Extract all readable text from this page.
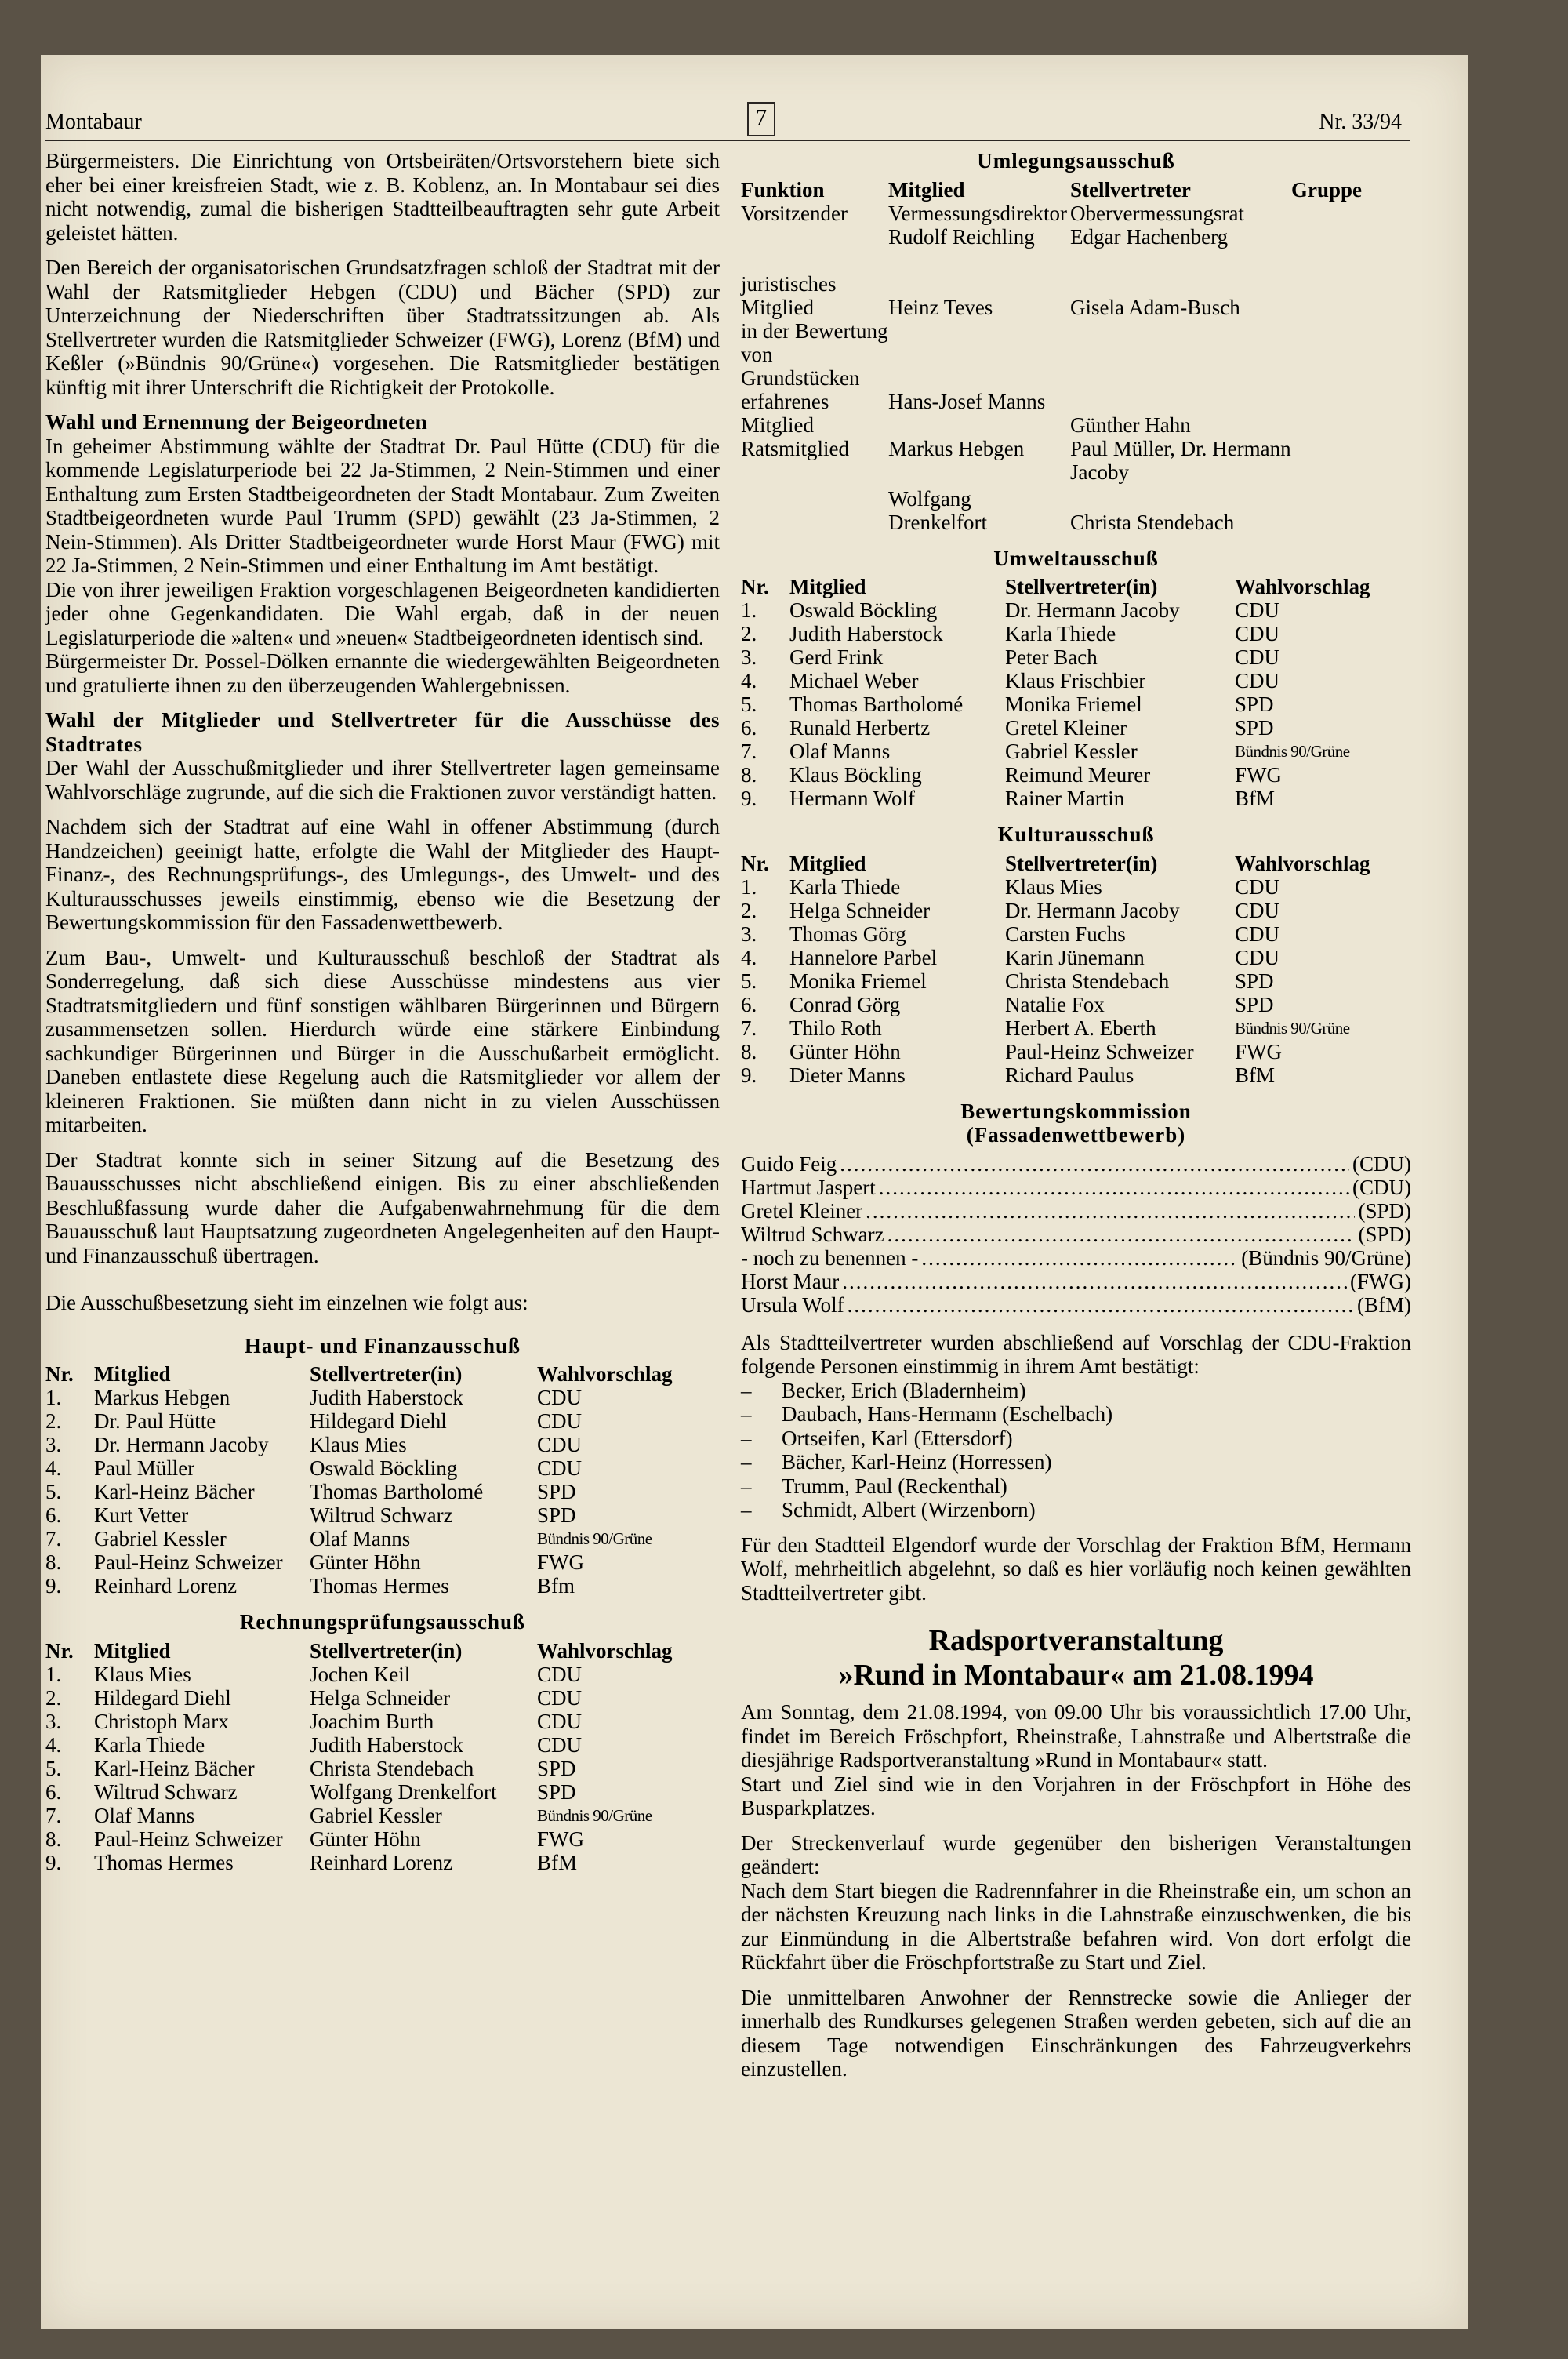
Montabaur	7	Nr. 33/94

Bürgermeisters. Die Einrichtung von Ortsbeiräten/Ortsvorstehern biete sich eher bei einer kreisfreien Stadt, wie z. B. Koblenz, an. In Montabaur sei dies nicht notwendig, zumal die bisherigen Stadtteilbeauftragten sehr gute Arbeit geleistet hätten.

Den Bereich der organisatorischen Grundsatzfragen schloß der Stadtrat mit der Wahl der Ratsmitglieder Hebgen (CDU) und Bächer (SPD) zur Unterzeichnung der Niederschriften über Stadtratssitzungen ab. Als Stellvertreter wurden die Ratsmitglieder Schweizer (FWG), Lorenz (BfM) und Keßler (»Bündnis 90/Grüne«) vorgesehen. Die Ratsmitglieder bestätigen künftig mit ihrer Unterschrift die Richtigkeit der Protokolle.

Wahl und Ernennung der Beigeordneten

In geheimer Abstimmung wählte der Stadtrat Dr. Paul Hütte (CDU) für die kommende Legislaturperiode bei 22 Ja-Stimmen, 2 Nein-Stimmen und einer Enthaltung zum Ersten Stadtbeigeordneten der Stadt Montabaur. Zum Zweiten Stadtbeigeordneten wurde Paul Trumm (SPD) gewählt (23 Ja-Stimmen, 2 Nein-Stimmen). Als Dritter Stadtbeigeordneter wurde Horst Maur (FWG) mit 22 Ja-Stimmen, 2 Nein-Stimmen und einer Enthaltung im Amt bestätigt.

Die von ihrer jeweiligen Fraktion vorgeschlagenen Beigeordneten kandidierten jeder ohne Gegenkandidaten. Die Wahl ergab, daß in der neuen Legislaturperiode die »alten« und »neuen« Stadtbeigeordneten identisch sind.

Bürgermeister Dr. Possel-Dölken ernannte die wiedergewählten Beigeordneten und gratulierte ihnen zu den überzeugenden Wahlergebnissen.

Wahl der Mitglieder und Stellvertreter für die Ausschüsse des Stadtrates

Der Wahl der Ausschußmitglieder und ihrer Stellvertreter lagen gemeinsame Wahlvorschläge zugrunde, auf die sich die Fraktionen zuvor verständigt hatten.

Nachdem sich der Stadtrat auf eine Wahl in offener Abstimmung (durch Handzeichen) geeinigt hatte, erfolgte die Wahl der Mitglieder des Haupt- Finanz-, des Rechnungsprüfungs-, des Umlegungs-, des Umwelt- und des Kulturausschusses jeweils einstimmig, ebenso wie die Besetzung der Bewertungskommission für den Fassadenwettbewerb.

Zum Bau-, Umwelt- und Kulturausschuß beschloß der Stadtrat als Sonderregelung, daß sich diese Ausschüsse mindestens aus vier Stadtratsmitgliedern und fünf sonstigen wählbaren Bürgerinnen und Bürgern zusammensetzen sollen. Hierdurch würde eine stärkere Einbindung sachkundiger Bürgerinnen und Bürger in die Ausschußarbeit ermöglicht. Daneben entlastete diese Regelung auch die Ratsmitglieder vor allem der kleineren Fraktionen. Sie müßten dann nicht in zu vielen Ausschüssen mitarbeiten.

Der Stadtrat konnte sich in seiner Sitzung auf die Besetzung des Bauausschusses nicht abschließend einigen. Bis zu einer abschließenden Beschlußfassung wurde daher die Aufgabenwahrnehmung für die dem Bauausschuß laut Hauptsatzung zugeordneten Angelegenheiten auf den Haupt- und Finanzausschuß übertragen.

Die Ausschußbesetzung sieht im einzelnen wie folgt aus:

Haupt- und Finanzausschuß
Nr.	Mitglied	Stellvertreter(in)	Wahlvorschlag
1.	Markus Hebgen	Judith Haberstock	CDU
2.	Dr. Paul Hütte	Hildegard Diehl	CDU
3.	Dr. Hermann Jacoby	Klaus Mies	CDU
4.	Paul Müller	Oswald Böckling	CDU
5.	Karl-Heinz Bächer	Thomas Bartholomé	SPD
6.	Kurt Vetter	Wiltrud Schwarz	SPD
7.	Gabriel Kessler	Olaf Manns	Bündnis 90/Grüne
8.	Paul-Heinz Schweizer	Günter Höhn	FWG
9.	Reinhard Lorenz	Thomas Hermes	Bfm
Rechnungsprüfungsausschuß
Nr.	Mitglied	Stellvertreter(in)	Wahlvorschlag
1.	Klaus Mies	Jochen Keil	CDU
2.	Hildegard Diehl	Helga Schneider	CDU
3.	Christoph Marx	Joachim Burth	CDU
4.	Karla Thiede	Judith Haberstock	CDU
5.	Karl-Heinz Bächer	Christa Stendebach	SPD
6.	Wiltrud Schwarz	Wolfgang Drenkelfort	SPD
7.	Olaf Manns	Gabriel Kessler	Bündnis 90/Grüne
8.	Paul-Heinz Schweizer	Günter Höhn	FWG
9.	Thomas Hermes	Reinhard Lorenz	BfM
Umlegungsausschuß
Funktion	Mitglied	Stellvertreter	Gruppe
Vorsitzender	Vermessungsdirektor Rudolf Reichling	Obervermessungsrat Edgar Hachenberg	
juristisches Mitglied	Heinz Teves	Gisela Adam-Busch	
in der Bewertung von Grundstücken erfahrenes Mitglied	Hans-Josef Manns	Günther Hahn	
Ratsmitglied	Markus Hebgen	Paul Müller, Dr. Hermann Jacoby	
	Wolfgang Drenkelfort	Christa Stendebach	
Umweltausschuß
Nr.	Mitglied	Stellvertreter(in)	Wahlvorschlag
1.	Oswald Böckling	Dr. Hermann Jacoby	CDU
2.	Judith Haberstock	Karla Thiede	CDU
3.	Gerd Frink	Peter Bach	CDU
4.	Michael Weber	Klaus Frischbier	CDU
5.	Thomas Bartholomé	Monika Friemel	SPD
6.	Runald Herbertz	Gretel Kleiner	SPD
7.	Olaf Manns	Gabriel Kessler	Bündnis 90/Grüne
8.	Klaus Böckling	Reimund Meurer	FWG
9.	Hermann Wolf	Rainer Martin	BfM
Kulturausschuß
Nr.	Mitglied	Stellvertreter(in)	Wahlvorschlag
1.	Karla Thiede	Klaus Mies	CDU
2.	Helga Schneider	Dr. Hermann Jacoby	CDU
3.	Thomas Görg	Carsten Fuchs	CDU
4.	Hannelore Parbel	Karin Jünemann	CDU
5.	Monika Friemel	Christa Stendebach	SPD
6.	Conrad Görg	Natalie Fox	SPD
7.	Thilo Roth	Herbert A. Eberth	Bündnis 90/Grüne
8.	Günter Höhn	Paul-Heinz Schweizer	FWG
9.	Dieter Manns	Richard Paulus	BfM
Bewertungskommission
(Fassadenwettbewerb)
Guido Feig .....	(CDU)
Hartmut Jaspert .....	(CDU)
Gretel Kleiner .....	(SPD)
Wiltrud Schwarz .....	(SPD)
- noch zu benennen - .....	(Bündnis 90/Grüne)
Horst Maur .....	(FWG)
Ursula Wolf .....	(BfM)

Als Stadtteilvertreter wurden abschließend auf Vorschlag der CDU-Fraktion folgende Personen einstimmig in ihrem Amt bestätigt:

– Becker, Erich (Bladernheim)
– Daubach, Hans-Hermann (Eschelbach)
– Ortseifen, Karl (Ettersdorf)
– Bächer, Karl-Heinz (Horressen)
– Trumm, Paul (Reckenthal)
– Schmidt, Albert (Wirzenborn)

Für den Stadtteil Elgendorf wurde der Vorschlag der Fraktion BfM, Hermann Wolf, mehrheitlich abgelehnt, so daß es hier vorläufig noch keinen gewählten Stadtteilvertreter gibt.

Radsportveranstaltung
»Rund in Montabaur« am 21.08.1994

Am Sonntag, dem 21.08.1994, von 09.00 Uhr bis voraussichtlich 17.00 Uhr, findet im Bereich Fröschpfort, Rheinstraße, Lahnstraße und Albertstraße die diesjährige Radsportveranstaltung »Rund in Montabaur« statt.

Start und Ziel sind wie in den Vorjahren in der Fröschpfort in Höhe des Busparkplatzes.

Der Streckenverlauf wurde gegenüber den bisherigen Veranstaltungen geändert:

Nach dem Start biegen die Radrennfahrer in die Rheinstraße ein, um schon an der nächsten Kreuzung nach links in die Lahnstraße einzuschwenken, die bis zur Einmündung in die Albertstraße befahren wird. Von dort erfolgt die Rückfahrt über die Fröschpfortstraße zu Start und Ziel.

Die unmittelbaren Anwohner der Rennstrecke sowie die Anlieger der innerhalb des Rundkurses gelegenen Straßen werden gebeten, sich auf die an diesem Tage notwendigen Einschränkungen des Fahrzeugverkehrs einzustellen.
